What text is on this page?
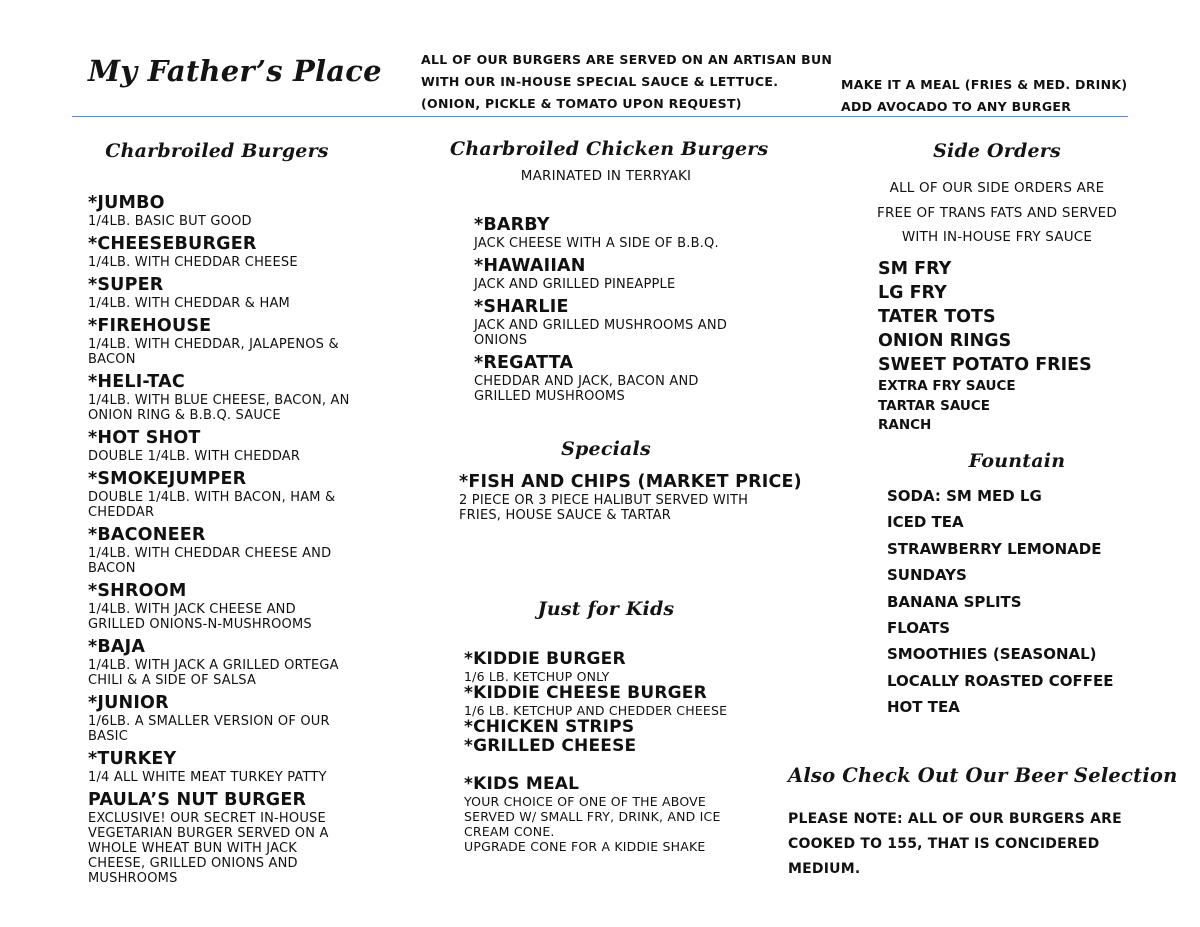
My Father’s Place	ALL OF OUR BURGERS ARE SERVED ON AN ARTISAN BUN
WITH OUR IN-HOUSE SPECIAL SAUCE & LETTUCE.
(ONION, PICKLE & TOMATO UPON REQUEST)
MAKE IT A MEAL (FRIES & MED. DRINK)
ADD AVOCADO TO ANY BURGER
Charbroiled Burgers
*JUMBO
1/4LB. BASIC BUT GOOD
*CHEESEBURGER
1/4LB. WITH CHEDDAR CHEESE
*SUPER
1/4LB. WITH CHEDDAR & HAM
*FIREHOUSE
1/4LB. WITH CHEDDAR, JALAPENOS & BACON
*HELI-TAC
1/4LB. WITH BLUE CHEESE, BACON, AN ONION RING & B.B.Q. SAUCE
*HOT SHOT
DOUBLE 1/4LB. WITH CHEDDAR
*SMOKEJUMPER
DOUBLE 1/4LB. WITH BACON, HAM & CHEDDAR
*BACONEER
1/4LB. WITH CHEDDAR CHEESE AND BACON
*SHROOM
1/4LB. WITH JACK CHEESE AND GRILLED ONIONS-N-MUSHROOMS
*BAJA
1/4LB. WITH JACK A GRILLED ORTEGA CHILI & A SIDE OF SALSA
*JUNIOR
1/6LB. A SMALLER VERSION OF OUR BASIC
*TURKEY
1/4 ALL WHITE MEAT TURKEY PATTY
PAULA’S NUT BURGER
EXCLUSIVE! OUR SECRET IN-HOUSE VEGETARIAN BURGER SERVED ON A WHOLE WHEAT BUN WITH JACK CHEESE, GRILLED ONIONS AND MUSHROOMS
Charbroiled Chicken Burgers
MARINATED IN TERRYAKI
*BARBY
JACK CHEESE WITH A SIDE OF B.B.Q.
*HAWAIIAN
JACK AND GRILLED PINEAPPLE
*SHARLIE
JACK AND GRILLED MUSHROOMS AND ONIONS
*REGATTA
CHEDDAR AND JACK, BACON AND GRILLED MUSHROOMS
Specials
*FISH AND CHIPS (MARKET PRICE)
2 PIECE OR 3 PIECE HALIBUT SERVED WITH FRIES, HOUSE SAUCE & TARTAR
Just for Kids
*KIDDIE BURGER
1/6 LB. KETCHUP ONLY
*KIDDIE CHEESE BURGER
1/6 LB. KETCHUP AND CHEDDER CHEESE
*CHICKEN STRIPS
*GRILLED CHEESE
*KIDS MEAL
YOUR CHOICE OF ONE OF THE ABOVE SERVED W/ SMALL FRY, DRINK, AND ICE CREAM CONE.
UPGRADE CONE FOR A KIDDIE SHAKE
Side Orders
ALL OF OUR SIDE ORDERS ARE
FREE OF TRANS FATS AND SERVED
WITH IN-HOUSE FRY SAUCE
SM FRY
LG FRY
TATER TOTS
ONION RINGS
SWEET POTATO FRIES
EXTRA FRY SAUCE
TARTAR SAUCE
RANCH
Fountain
SODA: SM MED LG
ICED TEA
STRAWBERRY LEMONADE
SUNDAYS
BANANA SPLITS
FLOATS
SMOOTHIES (SEASONAL)
LOCALLY ROASTED COFFEE
HOT TEA
Also Check Out Our Beer Selection
PLEASE NOTE: ALL OF OUR BURGERS ARE COOKED TO 155, THAT IS CONCIDERED MEDIUM.
